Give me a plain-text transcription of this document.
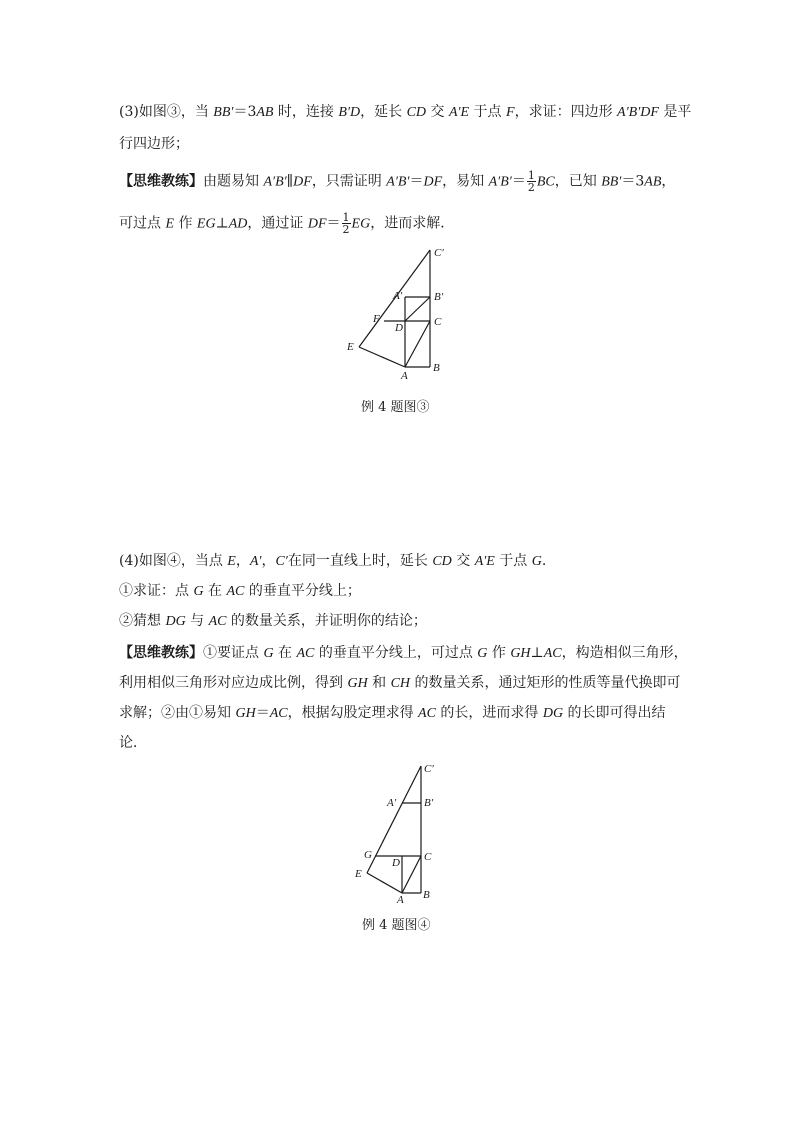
(3)如图③，当 BB′＝3AB 时，连接 B′D，延长 CD 交 A′E 于点 F，求证：四边形 A′B′DF 是平
行四边形；
【思维教练】由题易知 A′B′∥DF，只需证明 A′B′＝DF，易知 $A'B'= \frac{1}{2}$ BC，已知 BB′＝3AB，
可过点 E 作 EG⊥AD，通过证 $DF= \frac{1}{2}$ EG，进而求解．
C′
A′	B′
F
D	C
E
A
B
例 4 题图③
(4)如图④，当点 E，A′，C′在同一直线上时，延长 CD 交 A′E 于点 G.
①求证：点 G 在 AC 的垂直平分线上；
②猜想 DG 与 AC 的数量关系，并证明你的结论；
【思维教练】①要证点 G 在 AC 的垂直平分线上，可过点 G 作 GH⊥AC，构造相似三角形，
利用相似三角形对应边成比例，得到 GH 和 CH 的数量关系，通过矩形的性质等量代换即可
求解；②由①易知 GH＝AC，根据勾股定理求得 AC 的长，进而求得 DG 的长即可得出结
论．
C′
A′	B′
G
D C
E
A B
例 4 题图④
